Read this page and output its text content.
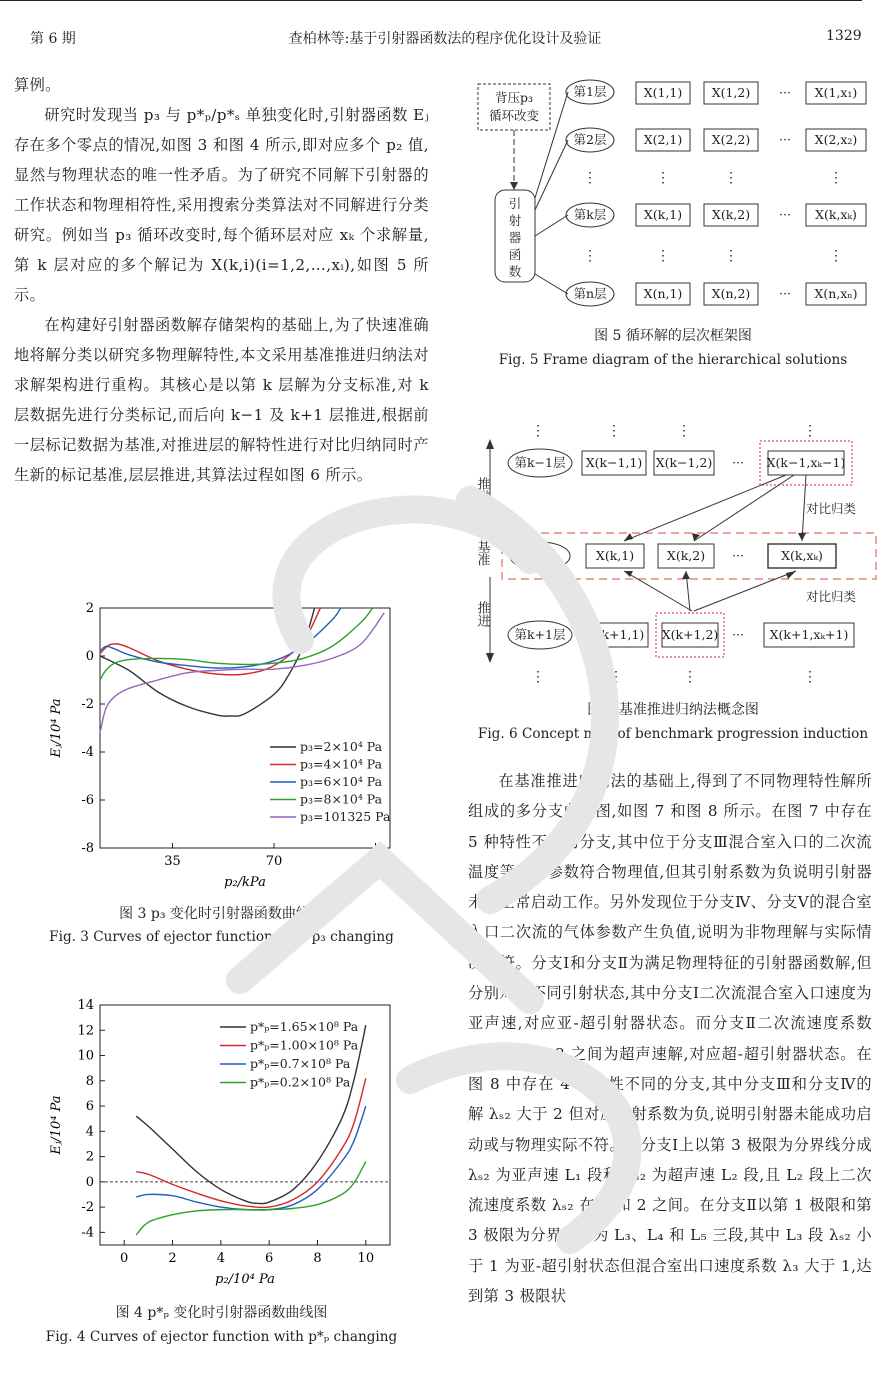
第 6 期	查柏林等:基于引射器函数法的程序优化设计及验证	1329
算例。
研究时发现当 p₃ 与 p*ₚ/p*ₛ 单独变化时,引射器函数 Eⱼ 存在多个零点的情况,如图 3 和图 4 所示,即对应多个 p₂ 值,显然与物理状态的唯一性矛盾。为了研究不同解下引射器的工作状态和物理相符性,采用搜索分类算法对不同解进行分类研究。例如当 p₃ 循环改变时,每个循环层对应 xₖ 个求解量,第 k 层对应的多个解记为 X(k,i)(i=1,2,…,xᵢ),如图 5 所示。
在构建好引射器函数解存储架构的基础上,为了快速准确地将解分类以研究多物理解特性,本文采用基准推进归纳法对求解架构进行重构。其核心是以第 k 层解为分支标准,对 k 层数据先进行分类标记,而后向 k−1 及 k+1 层推进,根据前一层标记数据为基准,对推进层的解特性进行对比归纳同时产生新的标记基准,层层推进,其算法过程如图 6 所示。
在基准推进归纳法的基础上,得到了不同物理特性解所组成的多分支曲线图,如图 7 和图 8 所示。在图 7 中存在 5 种特性不同的分支,其中位于分支Ⅲ混合室入口的二次流温度等气体参数符合物理值,但其引射系数为负说明引射器未能正常启动工作。另外发现位于分支Ⅳ、分支Ⅴ的混合室入口二次流的气体参数产生负值,说明为非物理解与实际情况不符。分支Ⅰ和分支Ⅱ为满足物理特征的引射器函数解,但分别对应不同引射状态,其中分支Ⅰ二次流混合室入口速度为亚声速,对应亚-超引射器状态。而分支Ⅱ二次流速度系数 λₛ₂ 在 1 和 2 之间为超声速解,对应超-超引射器状态。在图 8 中存在 4 种特性不同的分支,其中分支Ⅲ和分支Ⅳ的解 λₛ₂ 大于 2 但对应引射系数为负,说明引射器未能成功启动或与物理实际不符。在分支Ⅰ上以第 3 极限为分界线分成 λₛ₂ 为亚声速 L₁ 段和 λₛ₂ 为超声速 L₂ 段,且 L₂ 段上二次流速度系数 λₛ₂ 在 1 和 2 之间。在分支Ⅱ以第 1 极限和第 3 极限为分界线分为 L₃、L₄ 和 L₅ 三段,其中 L₃ 段 λₛ₂ 小于 1 为亚-超引射状态但混合室出口速度系数 λ₃ 大于 1,达到第 3 极限状
背压p₃
循环改变
引
射
器
函
数
第1层
第2层
第k层
第n层
X(1,1) X(1,2) ··· X(1,x₁)
X(2,1) X(2,2) ··· X(2,x₂)
⋮	⋮	⋮	⋮
X(k,1) X(k,2) ··· X(k,xₖ)
⋮	⋮	⋮	⋮
X(n,1) X(n,2) ··· X(n,xₙ)
图 5 循环解的层次框架图
Fig. 5 Frame diagram of the hierarchical solutions
⋮	⋮	⋮	⋮
推进
基准
推进
第k−1层 X(k−1,1) X(k−1,2) ··· X(k−1,xₖ−1)
对比归类
第k层	X(k,1)	X(k,2) ···	X(k,xₖ)
对比归类
第k+1层 X(k+1,1) X(k+1,2) ··· X(k+1,xₖ+1)
⋮	⋮	⋮	⋮
图 6 基准推进归纳法概念图
Fig. 6 Concept map of benchmark progression induction
35	70	105
2
0
-2
-4
-6
-8
p₂/kPa
Eⱼ/10⁴ Pa	p₃=2×10⁴ Pa
p₃=4×10⁴ Pa
p₃=6×10⁴ Pa
p₃=8×10⁴ Pa
p₃=101325 Pa
图 3 p₃ 变化时引射器函数曲线图
Fig. 3 Curves of ejector function with p₃ changing
0	2	4	6	8	10
14
12
10
8
6
4
2
0
-2
-4
p₂/10⁴ Pa
Eⱼ/10⁴ Pa
p*ₚ=1.65×10⁸ Pa
p*ₚ=1.00×10⁸ Pa
p*ₚ=0.7×10⁸ Pa
p*ₚ=0.2×10⁸ Pa
图 4 p*ₚ 变化时引射器函数曲线图
Fig. 4 Curves of ejector function with p*ₚ changing
